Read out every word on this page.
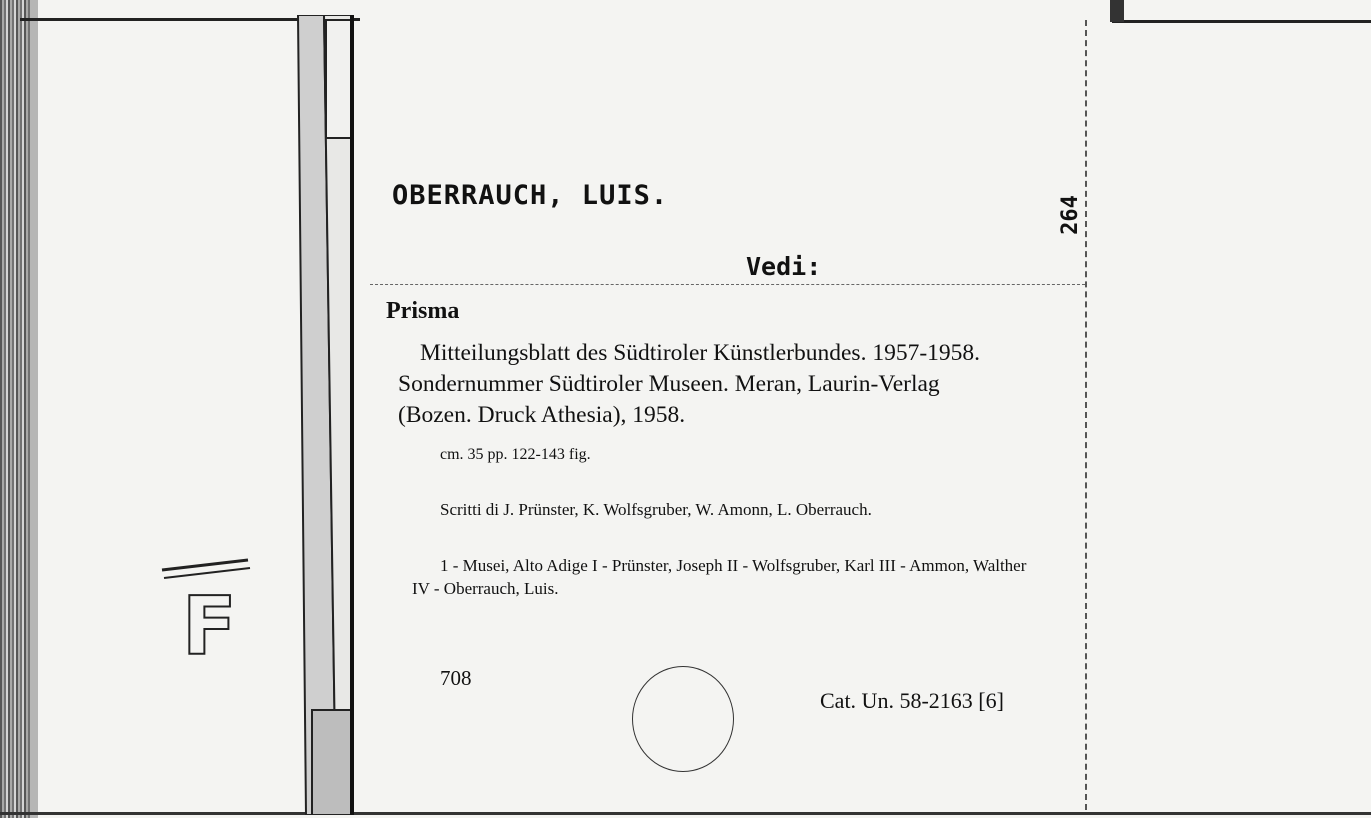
F
OBERRAUCH, LUIS.
Vedi:
Prisma
Mitteilungsblatt des Südtiroler Künstlerbundes. 1957-1958. Sondernummer Südtiroler Museen. Meran, Laurin-Verlag (Bozen. Druck Athesia), 1958.
cm. 35 pp. 122-143 fig.
Scritti di J. Prünster, K. Wolfsgruber, W. Amonn, L. Oberrauch.
1 - Musei, Alto Adige I - Prünster, Joseph II - Wolfsgruber, Karl III - Ammon, Walther IV - Oberrauch, Luis.
708
Cat. Un. 58-2163 [6]
264
